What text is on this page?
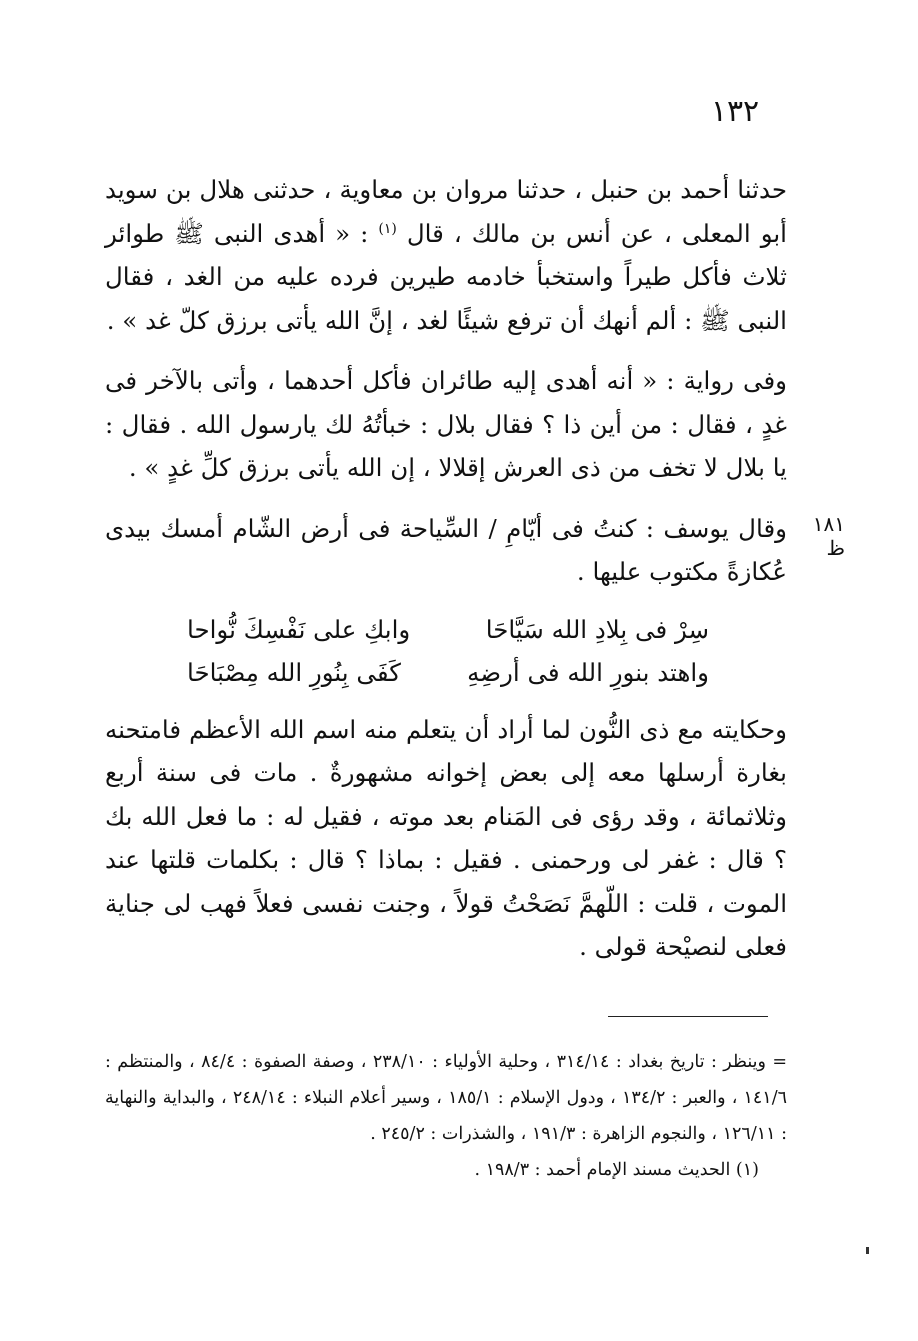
١٣٢
١٨١ ظ

حدثنا أحمد بن حنبل ، حدثنا مروان بن معاوية ، حدثنى هلال بن سويد أبو المعلى ، عن أنس بن مالك ، قال $^{(١)}$ : « أهدى النبى ﷺ طوائر ثلاث فأكل طيراً واستخبأ خادمه طيرين فرده عليه من الغد ، فقال النبى ﷺ : ألم أنهك أن ترفع شيئًا لغد ، إنَّ الله يأتى برزق كلّ غد » .

وفى رواية : « أنه أهدى إليه طائران فأكل أحدهما ، وأتى بالآخر فى غدٍ ، فقال : من أين ذا ؟ فقال بلال : خبأتُهُ لك يارسول الله . فقال : يا بلال لا تخف من ذى العرش إقلالا ، إن الله يأتى برزق كلِّ غدٍ » .

وقال يوسف : كنتُ فى أيّامِ / السِّياحة فى أرض الشّام أمسك بيدى عُكازةً مكتوب عليها .

سِرْ فى بِلادِ الله سَيَّاحَا
وابكِ على نَفْسِكَ نُّواحا
واهتد بنورِ الله فى أرضِهِ
كَفَى بِنُورِ الله مِصْبَاحَا

وحكايته مع ذى النُّون لما أراد أن يتعلم منه اسم الله الأعظم فامتحنه بغارة أرسلها معه إلى بعض إخوانه مشهورةٌ . مات فى سنة أربع وثلاثمائة ، وقد رؤى فى المَنام بعد موته ، فقيل له : ما فعل الله بك ؟ قال : غفر لى ورحمنى . فقيل : بماذا ؟ قال : بكلمات قلتها عند الموت ، قلت : اللّهمَّ نَصَحْتُ قولاً ، وجنت نفسى فعلاً فهب لى جناية فعلى لنصيْحة قولى .

= وينظر : تاريخ بغداد : ٣١٤/١٤ ، وحلية الأولياء : ٢٣٨/١٠ ، وصفة الصفوة : ٨٤/٤ ، والمنتظم : ١٤١/٦ ، والعبر : ١٣٤/٢ ، ودول الإسلام : ١٨٥/١ ، وسير أعلام النبلاء : ٢٤٨/١٤ ، والبداية والنهاية : ١٢٦/١١ ، والنجوم الزاهرة : ١٩١/٣ ، والشذرات : ٢٤٥/٢ .

(١) الحديث مسند الإمام أحمد : ١٩٨/٣ .
